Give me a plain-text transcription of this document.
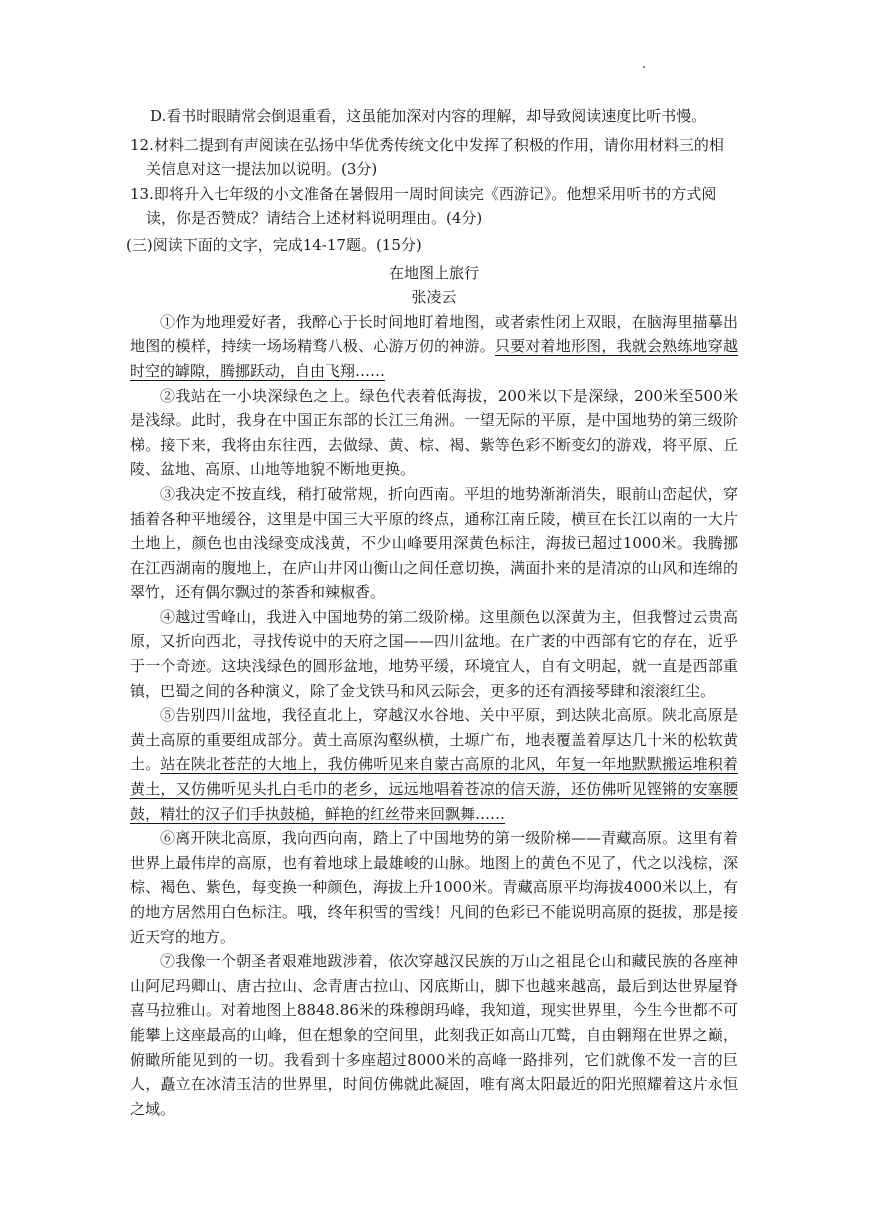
D.看书时眼睛常会倒退重看，这虽能加深对内容的理解，却导致阅读速度比听书慢。

12.材料二提到有声阅读在弘扬中华优秀传统文化中发挥了积极的作用，请你用材料三的相关信息对这一提法加以说明。(3分)

13.即将升入七年级的小文准备在暑假用一周时间读完《西游记》。他想采用听书的方式阅读，你是否赞成？请结合上述材料说明理由。(4分)

(三)阅读下面的文字，完成14-17题。(15分)

在地图上旅行

张凌云

①作为地理爱好者，我醉心于长时间地盯着地图，或者索性闭上双眼，在脑海里描摹出地图的模样，持续一场场精骛八极、心游万仞的神游。只要对着地形图，我就会熟练地穿越时空的罅隙，腾挪跃动，自由飞翔……

②我站在一小块深绿色之上。绿色代表着低海拔，200米以下是深绿，200米至500米是浅绿。此时，我身在中国正东部的长江三角洲。一望无际的平原，是中国地势的第三级阶梯。接下来，我将由东往西，去做绿、黄、棕、褐、紫等色彩不断变幻的游戏，将平原、丘陵、盆地、高原、山地等地貌不断地更换。

③我决定不按直线，稍打破常规，折向西南。平坦的地势渐渐消失，眼前山峦起伏，穿插着各种平地缓谷，这里是中国三大平原的终点，通称江南丘陵，横亘在长江以南的一大片土地上，颜色也由浅绿变成浅黄，不少山峰要用深黄色标注，海拔已超过1000米。我腾挪在江西湖南的腹地上，在庐山井冈山衡山之间任意切换，满面扑来的是清凉的山风和连绵的翠竹，还有偶尔飘过的茶香和辣椒香。

④越过雪峰山，我进入中国地势的第二级阶梯。这里颜色以深黄为主，但我瞥过云贵高原，又折向西北，寻找传说中的天府之国——四川盆地。在广袤的中西部有它的存在，近乎于一个奇迹。这块浅绿色的圆形盆地，地势平缓，环境宜人，自有文明起，就一直是西部重镇，巴蜀之间的各种演义，除了金戈铁马和风云际会，更多的还有酒接琴肆和滚滚红尘。

⑤告别四川盆地，我径直北上，穿越汉水谷地、关中平原，到达陕北高原。陕北高原是黄土高原的重要组成部分。黄土高原沟壑纵横，土塬广布，地表覆盖着厚达几十米的松软黄土。站在陕北苍茫的大地上，我仿佛听见来自蒙古高原的北风，年复一年地默默搬运堆积着黄土，又仿佛听见头扎白毛巾的老乡，远远地唱着苍凉的信天游，还仿佛听见铿锵的安塞腰鼓，精壮的汉子们手执鼓槌，鲜艳的红丝带来回飘舞……

⑥离开陕北高原，我向西向南，踏上了中国地势的第一级阶梯——青藏高原。这里有着世界上最伟岸的高原，也有着地球上最雄峻的山脉。地图上的黄色不见了，代之以浅棕，深棕、褐色、紫色，每变换一种颜色，海拔上升1000米。青藏高原平均海拔4000米以上，有的地方居然用白色标注。哦，终年积雪的雪线！凡间的色彩已不能说明高原的挺拔，那是接近天穹的地方。

⑦我像一个朝圣者艰难地跋涉着，依次穿越汉民族的万山之祖昆仑山和藏民族的各座神山阿尼玛卿山、唐古拉山、念青唐古拉山、冈底斯山，脚下也越来越高，最后到达世界屋脊喜马拉雅山。对着地图上8848.86米的珠穆朗玛峰，我知道，现实世界里，今生今世都不可能攀上这座最高的山峰，但在想象的空间里，此刻我正如高山兀鹫，自由翱翔在世界之巅，俯瞰所能见到的一切。我看到十多座超过8000米的高峰一路排列，它们就像不发一言的巨人，矗立在冰清玉洁的世界里，时间仿佛就此凝固，唯有离太阳最近的阳光照耀着这片永恒之域。
